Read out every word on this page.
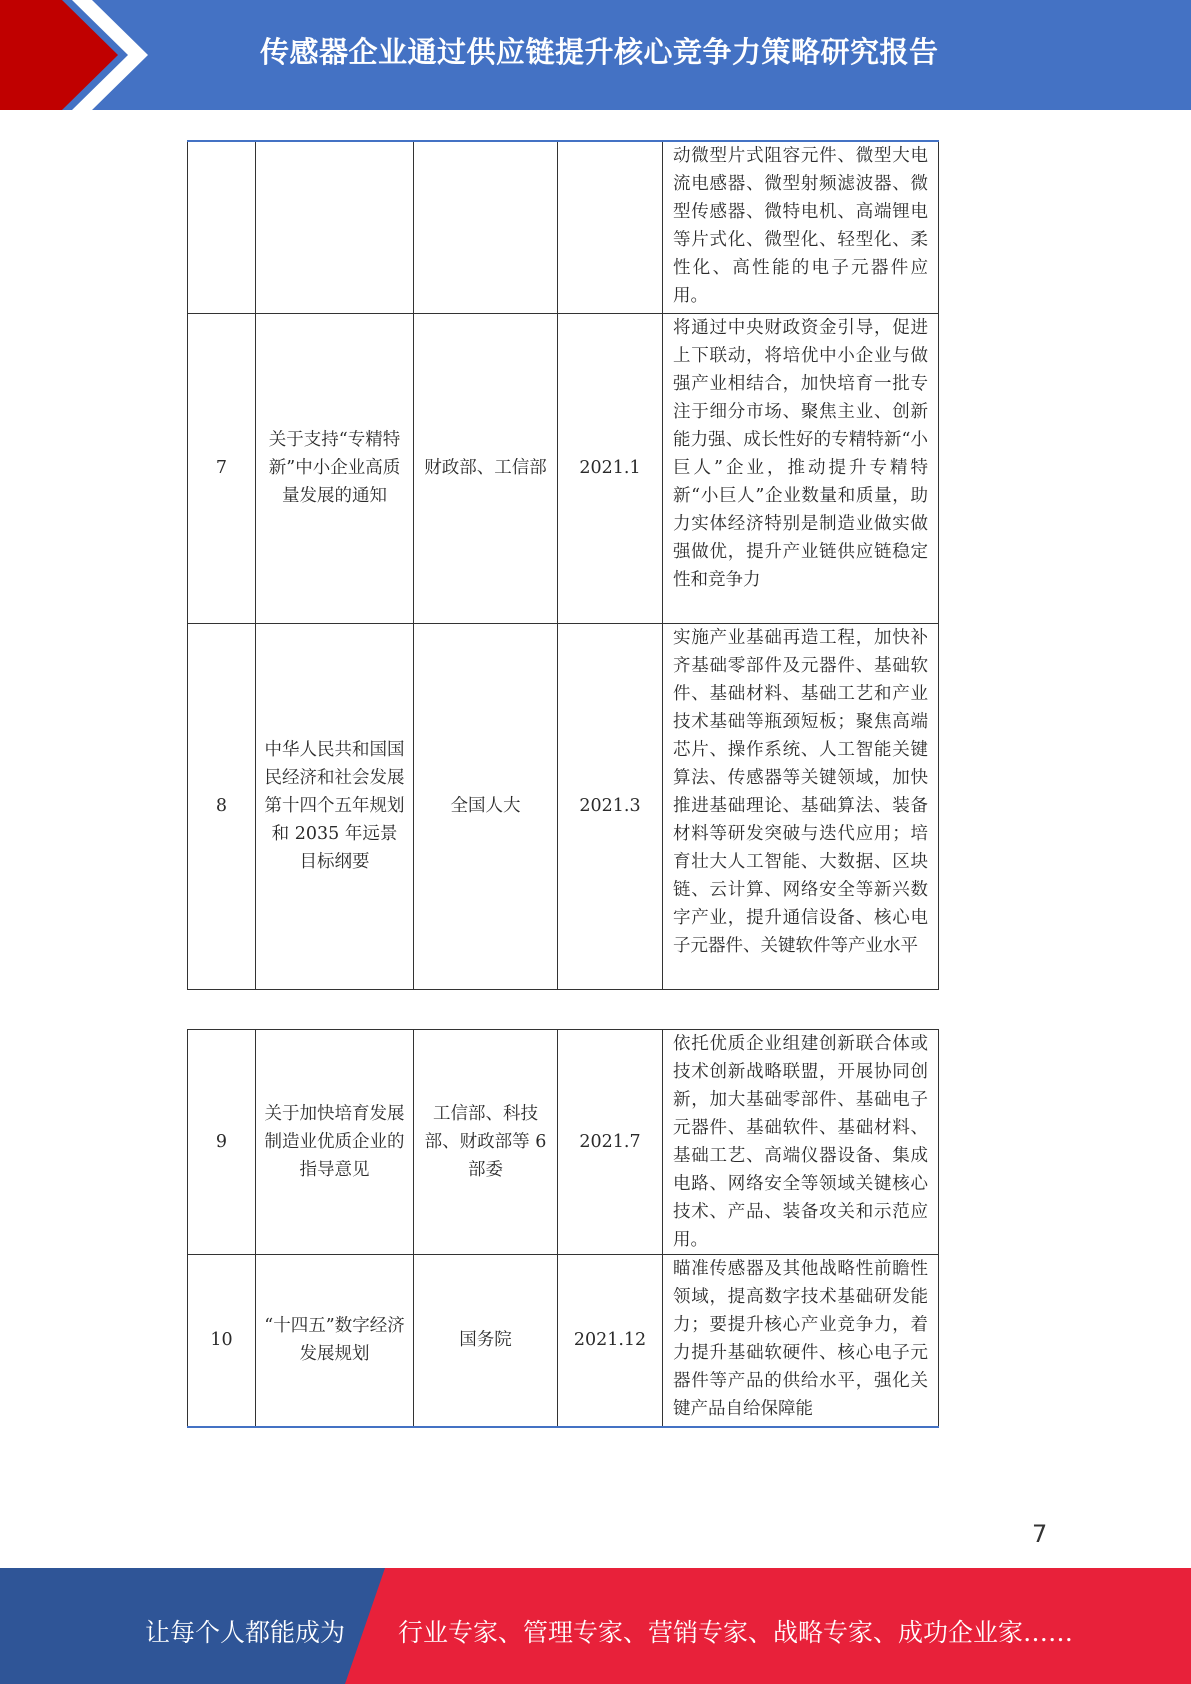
传感器企业通过供应链提升核心竞争力策略研究报告

				动微型片式阻容元件、微型大电流电感器、微型射频滤波器、微型传感器、微特电机、高端锂电等片式化、微型化、轻型化、柔性化、高性能的电子元器件应用。

7	关于支持“专精特新”中小企业高质量发展的通知	财政部、工信部	2021.1	将通过中央财政资金引导，促进上下联动，将培优中小企业与做强产业相结合，加快培育一批专注于细分市场、聚焦主业、创新能力强、成长性好的专精特新“小巨人”企业，推动提升专精特新“小巨人”企业数量和质量，助力实体经济特别是制造业做实做强做优，提升产业链供应链稳定性和竞争力

8	中华人民共和国国民经济和社会发展第十四个五年规划和 2035 年远景目标纲要	全国人大	2021.3	实施产业基础再造工程，加快补齐基础零部件及元器件、基础软件、基础材料、基础工艺和产业技术基础等瓶颈短板；聚焦高端芯片、操作系统、人工智能关键算法、传感器等关键领域，加快推进基础理论、基础算法、装备材料等研发突破与迭代应用；培育壮大人工智能、大数据、区块链、云计算、网络安全等新兴数字产业，提升通信设备、核心电子元器件、关键软件等产业水平
9	关于加快培育发展制造业优质企业的指导意见	工信部、科技部、财政部等 6 部委	2021.7	依托优质企业组建创新联合体或技术创新战略联盟，开展协同创新，加大基础零部件、基础电子元器件、基础软件、基础材料、基础工艺、高端仪器设备、集成电路、网络安全等领域关键核心技术、产品、装备攻关和示范应用。

10	“十四五”数字经济发展规划	国务院	2021.12	瞄准传感器及其他战略性前瞻性领域，提高数字技术基础研发能力；要提升核心产业竞争力，着力提升基础软硬件、核心电子元器件等产品的供给水平，强化关键产品自给保障能
7
让每个人都能成为 行业专家、管理专家、营销专家、战略专家、成功企业家……
